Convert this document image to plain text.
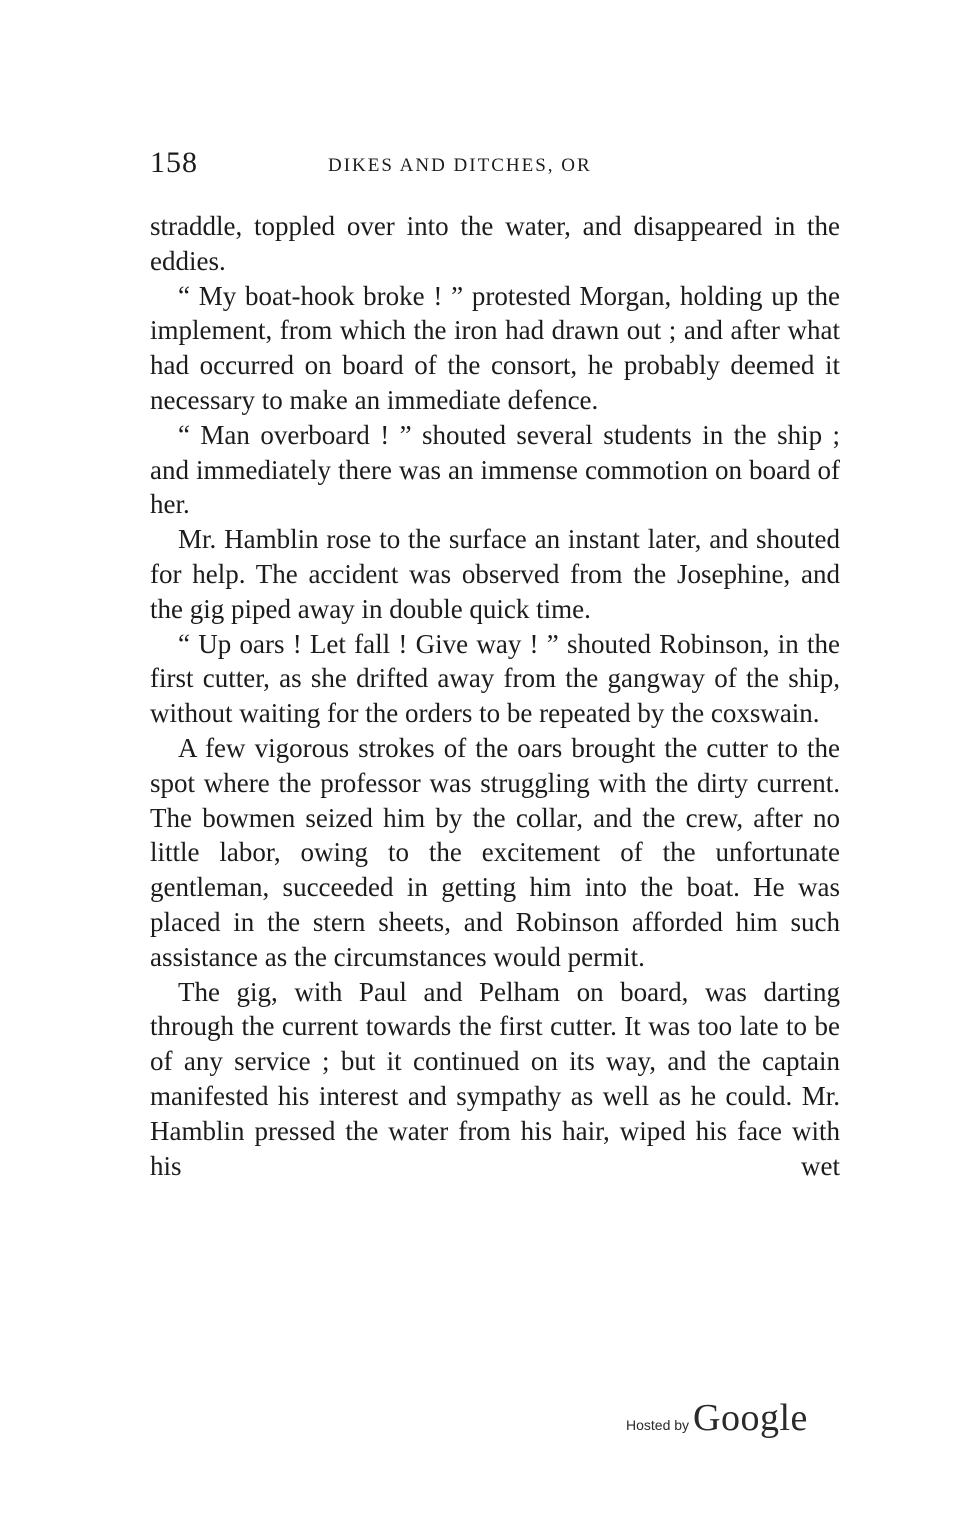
158	DIKES AND DITCHES, OR

straddle, toppled over into the water, and disappeared in the eddies.

“ My boat-hook broke ! ” protested Morgan, holding up the implement, from which the iron had drawn out ; and after what had occurred on board of the consort, he probably deemed it necessary to make an immediate defence.

“ Man overboard ! ” shouted several students in the ship ; and immediately there was an immense commotion on board of her.

Mr. Hamblin rose to the surface an instant later, and shouted for help. The accident was observed from the Josephine, and the gig piped away in double quick time.

“ Up oars ! Let fall ! Give way ! ” shouted Robinson, in the first cutter, as she drifted away from the gangway of the ship, without waiting for the orders to be repeated by the coxswain.

A few vigorous strokes of the oars brought the cutter to the spot where the professor was struggling with the dirty current. The bowmen seized him by the collar, and the crew, after no little labor, owing to the excitement of the unfortunate gentleman, succeeded in getting him into the boat. He was placed in the stern sheets, and Robinson afforded him such assistance as the circumstances would permit.

The gig, with Paul and Pelham on board, was darting through the current towards the first cutter. It was too late to be of any service ; but it continued on its way, and the captain manifested his interest and sympathy as well as he could. Mr. Hamblin pressed the water from his hair, wiped his face with his wet

Hosted by Google
